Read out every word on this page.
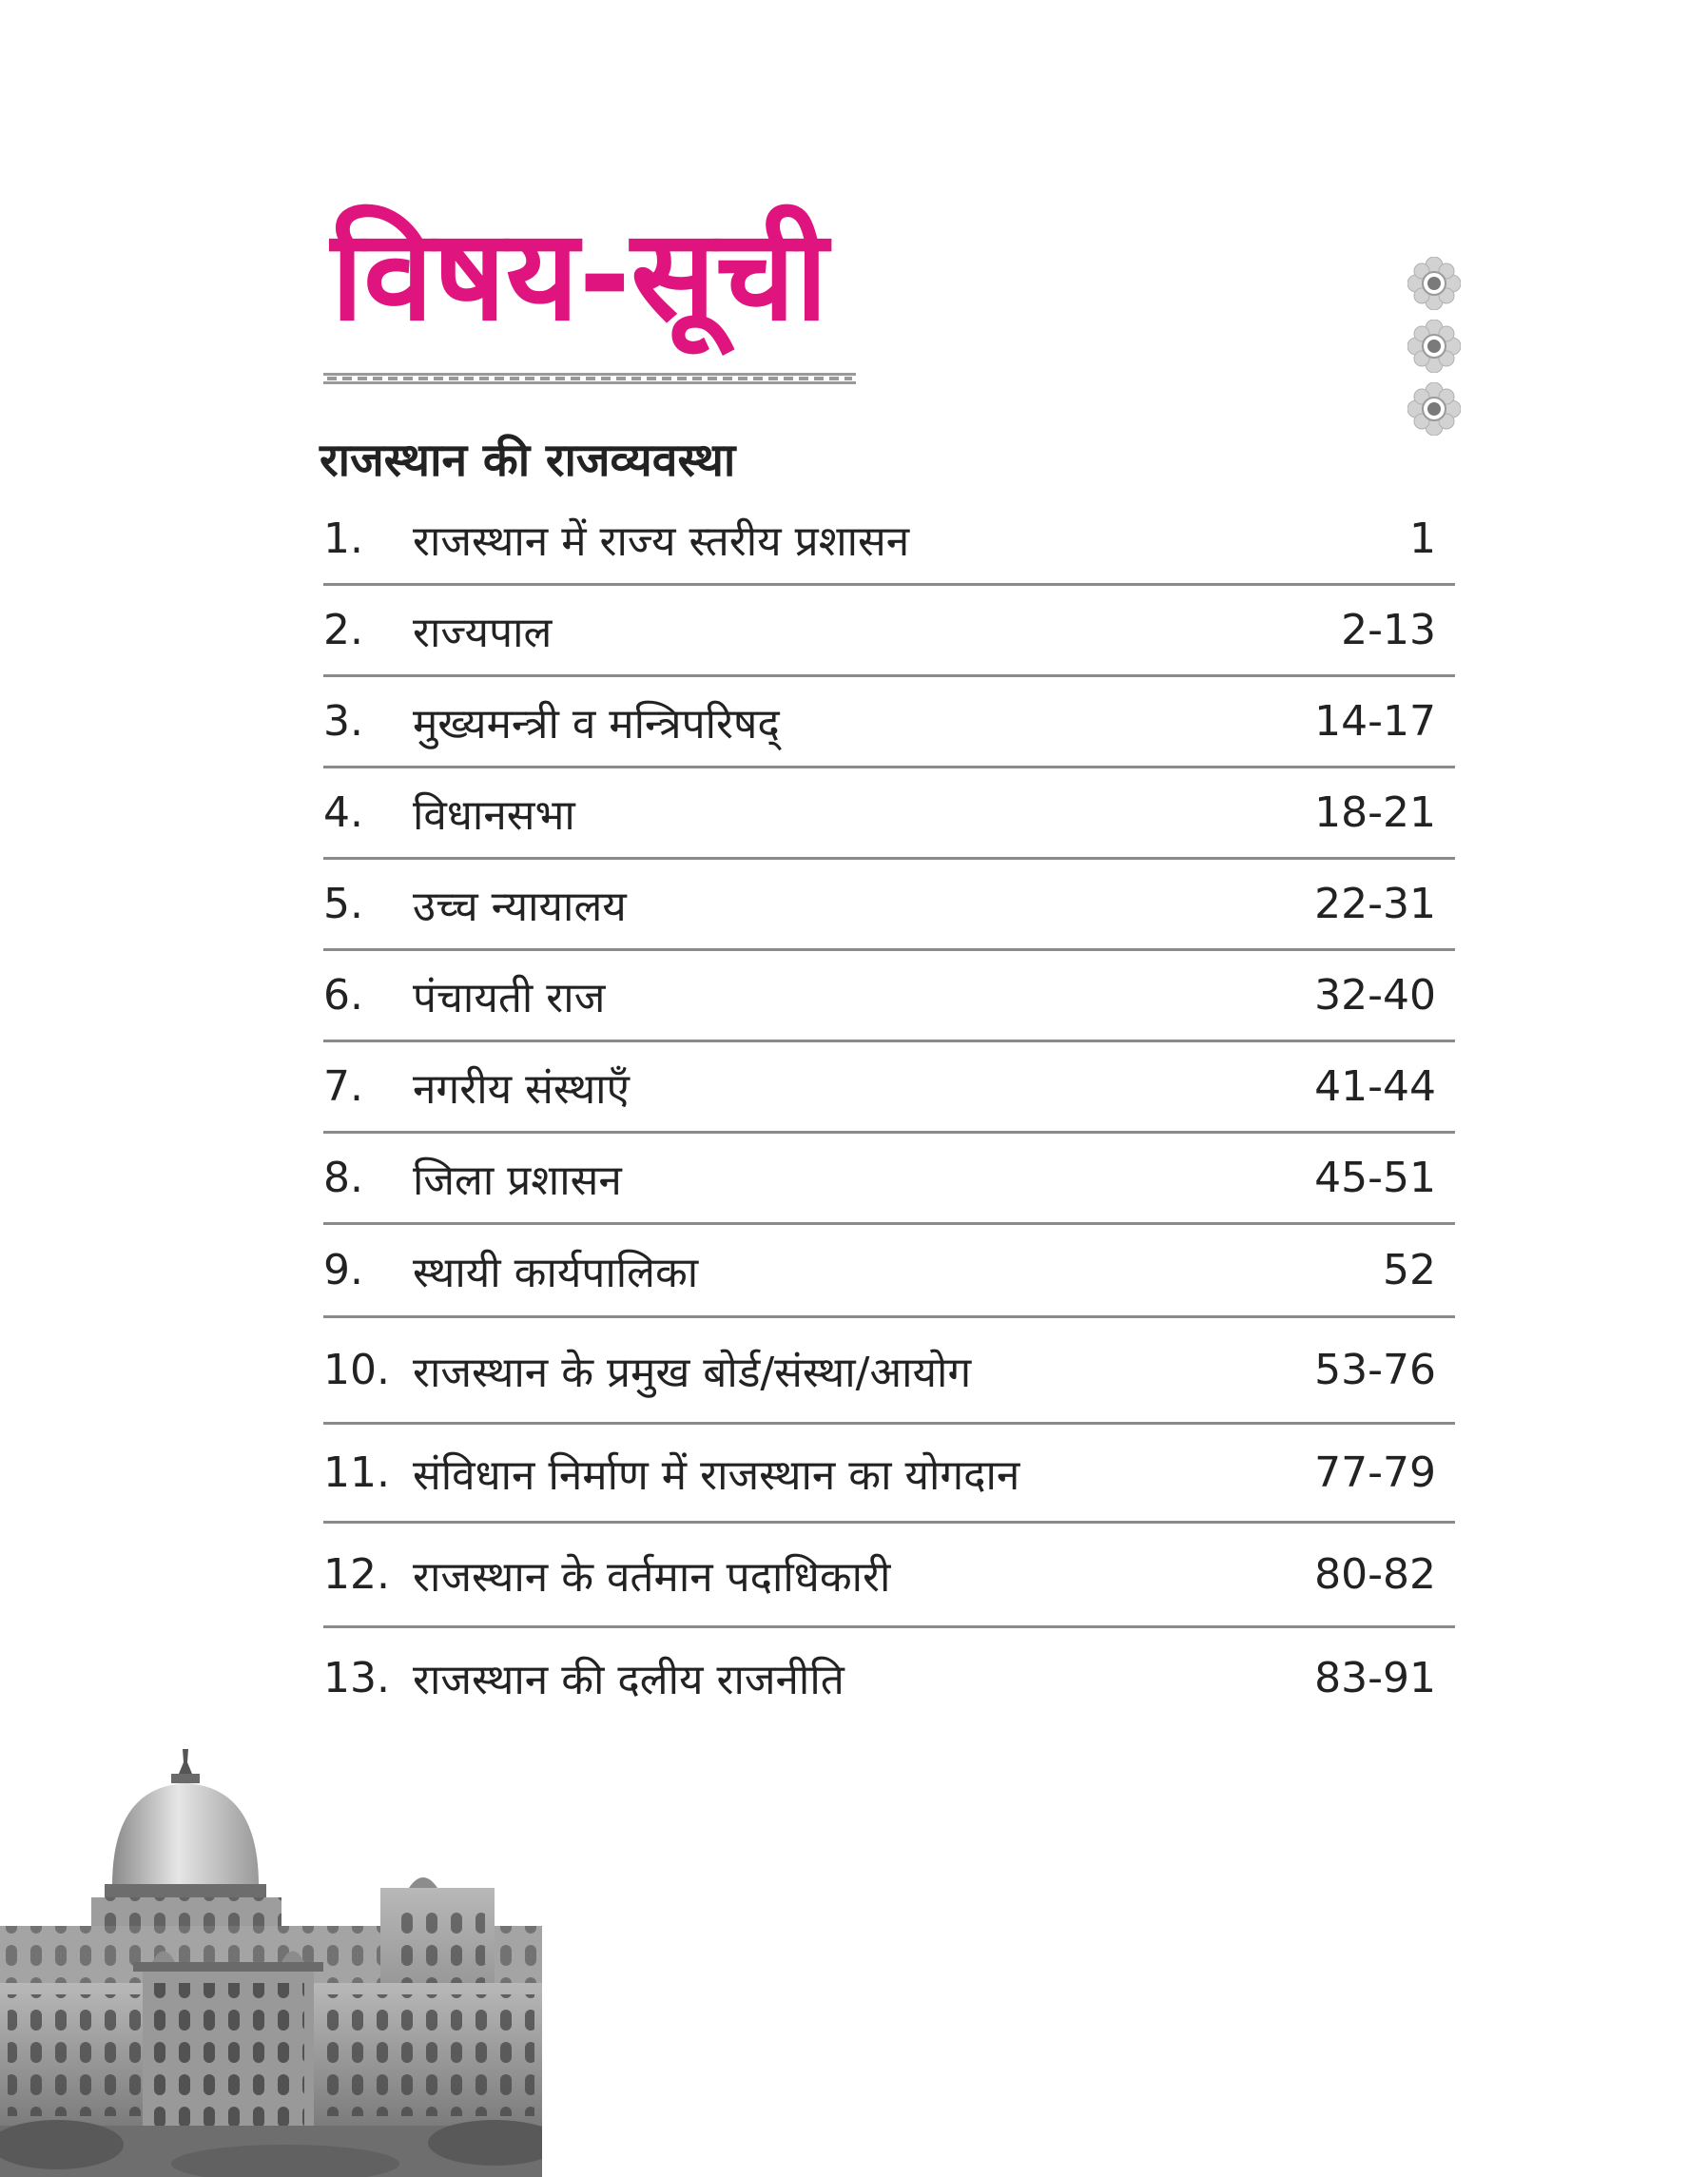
विषय-सूची
राजस्थान की राजव्यवस्था
1.	राजस्थान में राज्य स्तरीय प्रशासन	1
2.	राज्यपाल	2-13
3.	मुख्यमन्त्री व मन्त्रिपरिषद्	14-17
4.	विधानसभा	18-21
5.	उच्च न्यायालय	22-31
6.	पंचायती राज	32-40
7.	नगरीय संस्थाएँ	41-44
8.	जिला प्रशासन	45-51
9.	स्थायी कार्यपालिका	52
10. राजस्थान के प्रमुख बोर्ड/संस्था/आयोग	53-76
11. संविधान निर्माण में राजस्थान का योगदान	77-79
12. राजस्थान के वर्तमान पदाधिकारी	80-82
13. राजस्थान की दलीय राजनीति	83-91
